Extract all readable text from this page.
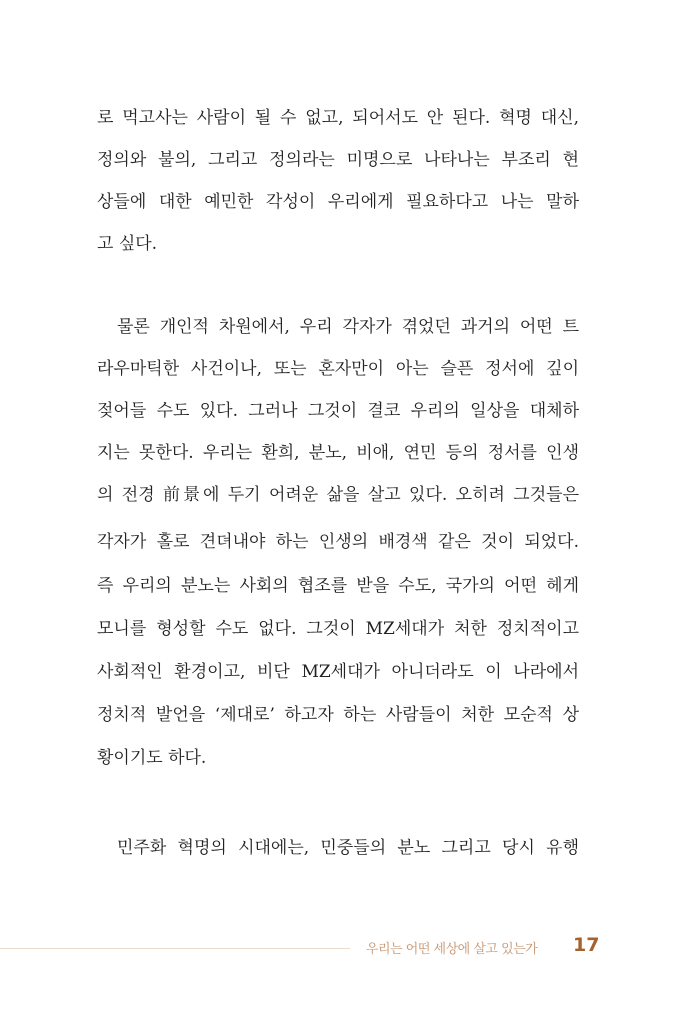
로 먹고사는 사람이 될 수 없고, 되어서도 안 된다. 혁명 대신,
정의와 불의, 그리고 정의라는 미명으로 나타나는 부조리 현
상들에 대한 예민한 각성이 우리에게 필요하다고 나는 말하
고 싶다.
물론 개인적 차원에서, 우리 각자가 겪었던 과거의 어떤 트
라우마틱한 사건이나, 또는 혼자만이 아는 슬픈 정서에 깊이
젖어들 수도 있다. 그러나 그것이 결코 우리의 일상을 대체하
지는 못한다. 우리는 환희, 분노, 비애, 연민 등의 정서를 인생
의 전경 前景에 두기 어려운 삶을 살고 있다. 오히려 그것들은
각자가 홀로 견뎌내야 하는 인생의 배경색 같은 것이 되었다.
즉 우리의 분노는 사회의 협조를 받을 수도, 국가의 어떤 헤게
모니를 형성할 수도 없다. 그것이 MZ세대가 처한 정치적이고
사회적인 환경이고, 비단 MZ세대가 아니더라도 이 나라에서
정치적 발언을 ‘제대로’ 하고자 하는 사람들이 처한 모순적 상
황이기도 하다.
민주화 혁명의 시대에는, 민중들의 분노 그리고 당시 유행
우리는 어떤 세상에 살고 있는가 17
